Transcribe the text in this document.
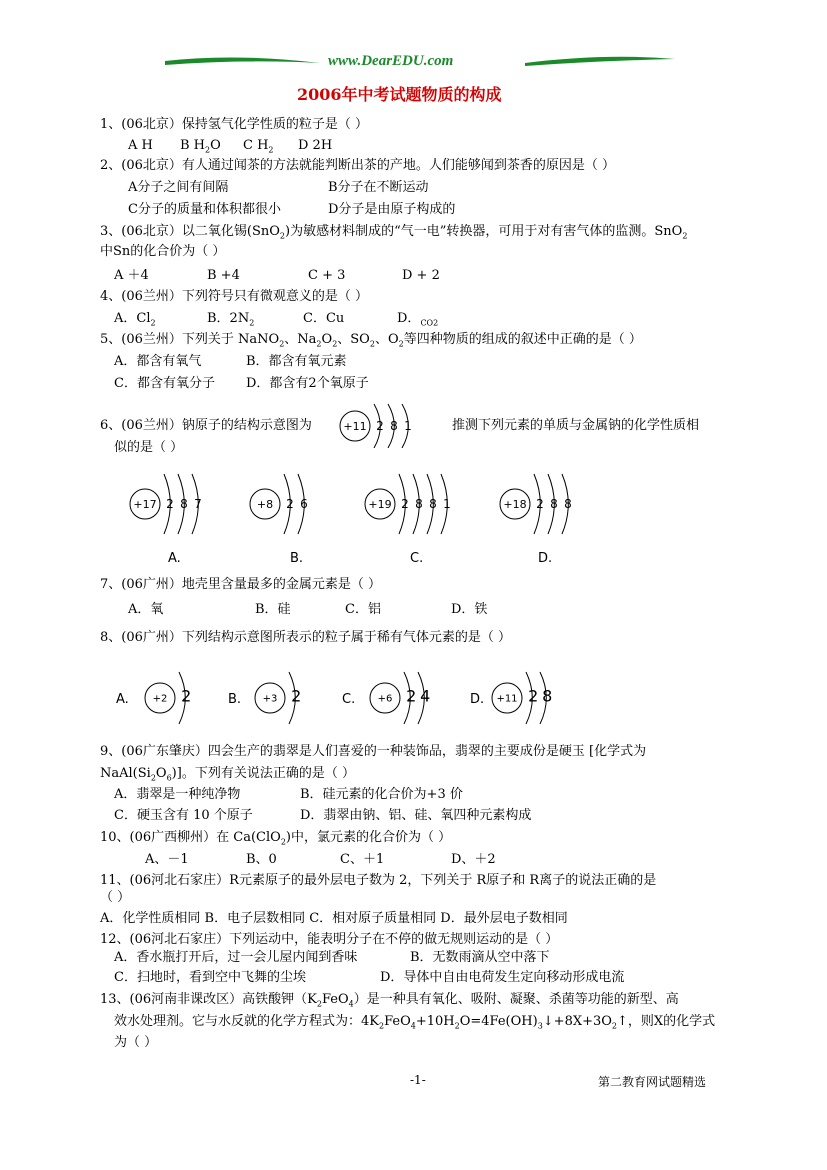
www.DearEDU.com
2006年中考试题物质的构成
1、(06北京）保持氢气化学性质的粒子是（ ）
A H B $H_2O$ C $H_2$ D 2H
2、(06北京）有人通过闻茶的方法就能判断出茶的产地。人们能够闻到茶香的原因是（ ）
A分子之间有间隔	B分子在不断运动
C分子的质量和体积都很小	D分子是由原子构成的
3、(06北京）以二氧化锡(SnO$_2$)为敏感材料制成的“气一电”转换器，可用于对有害气体的监测。SnO$_2$
中Sn的化合价为（ ）
A ＋4	B +4	C + 3	D + 2
4、(06兰州）下列符号只有微观意义的是（ ）
A．$Cl_2$	B．$2N_2$	C．Cu	D．$_{CO2}$
5、(06兰州）下列关于 NaNO$_2$、$Na_2O_2$、$SO_2$、$O_2$等四种物质的组成的叙述中正确的是（ ）
A．都含有氧气	B．都含有氧元素
C．都含有氧分子 D．都含有2个氧原子
6、(06兰州）钠原子的结构示意图为	推测下列元素的单质与金属钠的化学性质相
似的是（ ）
+11 2 8 1
+17 2 8 7
A.
+8 2 6
B.
+19 2 8 8 1
C.
+18 2 8 8
D.
7、(06广州）地壳里含量最多的金属元素是（ ）
A．氧	B．硅	C．铝	D．铁
8、(06广州）下列结构示意图所表示的粒子属于稀有气体元素的是（ ）
+2 2
A.	+3 2
B.	+6 2 4
C.	+11 2 8
D.
9、(06广东肇庆）四会生产的翡翠是人们喜爱的一种装饰品，翡翠的主要成份是硬玉 [化学式为
$NaAl(Si_2O_6)$]。下列有关说法正确的是（ ）
A．翡翠是一种纯净物	B．硅元素的化合价为+3 价
C．硬玉含有 10 个原子	D．翡翠由钠、铝、硅、氧四种元素构成
10、(06广西柳州）在 Ca(ClO$_2$)中，氯元素的化合价为（ ）
A、－1	B、0	C、＋1	D、＋2
11、(06河北石家庄）R元素原子的最外层电子数为 2，下列关于 R原子和 R离子的说法正确的是
（ ）
A．化学性质相同 B．电子层数相同 C．相对原子质量相同 D．最外层电子数相同
12、(06河北石家庄）下列运动中，能表明分子在不停的做无规则运动的是（ ）
A．香水瓶打开后，过一会儿屋内闻到香味	B．无数雨滴从空中落下
C．扫地时，看到空中飞舞的尘埃	D．导体中自由电荷发生定向移动形成电流
13、(06河南非课改区）高铁酸钾$(K_2FeO_4)$是一种具有氧化、吸附、凝聚、杀菌等功能的新型、高
效水处理剂。它与水反就的化学方程式为：$4K_2FeO_4+10H_2O=4Fe(OH)_3↓+8X+3O_2↑$，则X的化学式
为（ ）
-1-	第二教育网试题精选
